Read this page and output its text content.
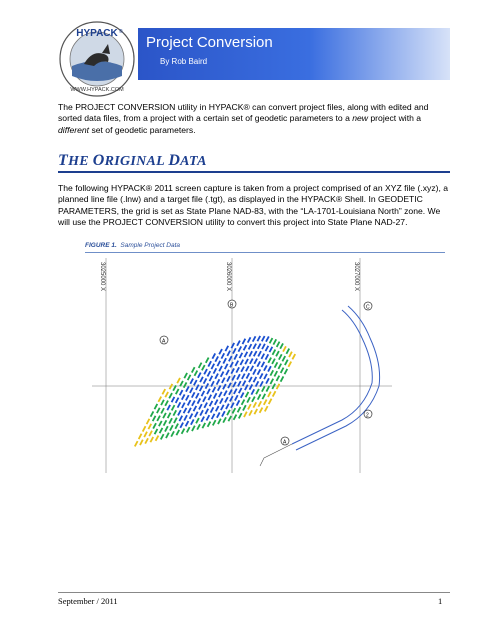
HYPACK ®
WWW.HYPACK.COM
Project Conversion
By Rob Baird
The PROJECT CONVERSION utility in HYPACK® can convert project files, along with edited and sorted data files, from a project with a certain set of geodetic parameters to a new project with a different set of geodetic parameters.
THE ORIGINAL DATA
The following HYPACK® 2011 screen capture is taken from a project comprised of an XYZ file (.xyz), a planned line file (.lnw) and a target file (.tgt), as displayed in the HYPACK® Shell. In GEODETIC PARAMETERS, the grid is set as State Plane NAD-83, with the “LA-1701-Louisiana North” zone. We will use the PROJECT CONVERSION utility to convert this project into State Plane NAD-27.
FIGURE 1. Sample Project Data
3025000 X	3026000 X	3027000 X
A
B	C
A
2
September / 2011	1
